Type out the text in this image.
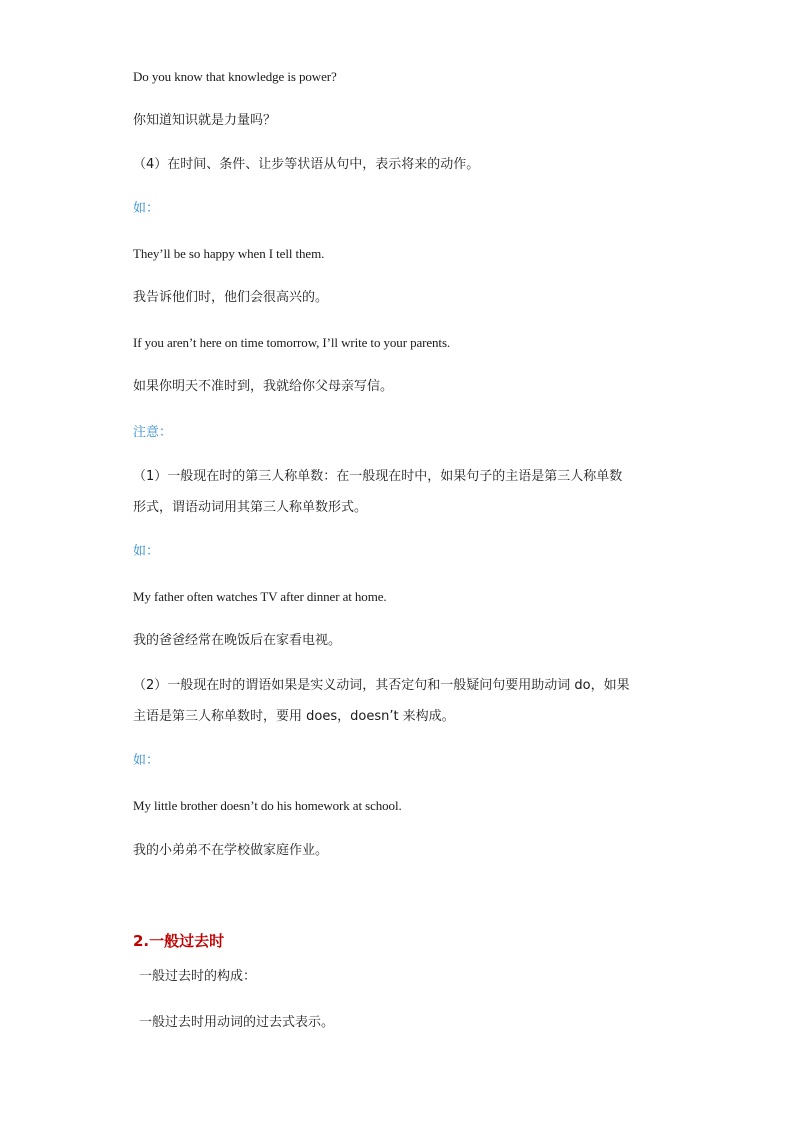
Do you know that knowledge is power?

你知道知识就是力量吗？

（4）在时间、条件、让步等状语从句中，表示将来的动作。

如：

They’ll be so happy when I tell them.

我告诉他们时，他们会很高兴的。

If you aren’t here on time tomorrow, I’ll write to your parents.

如果你明天不准时到，我就给你父母亲写信。

注意：

（1）一般现在时的第三人称单数：在一般现在时中，如果句子的主语是第三人称单数

形式，谓语动词用其第三人称单数形式。

如：

My father often watches TV after dinner at home.

我的爸爸经常在晚饭后在家看电视。

（2）一般现在时的谓语如果是实义动词，其否定句和一般疑问句要用助动词 do，如果

主语是第三人称单数时，要用 does，doesn’t 来构成。

如：

My little brother doesn’t do his homework at school.

我的小弟弟不在学校做家庭作业。

2.一般过去时

一般过去时的构成：

一般过去时用动词的过去式表示。
